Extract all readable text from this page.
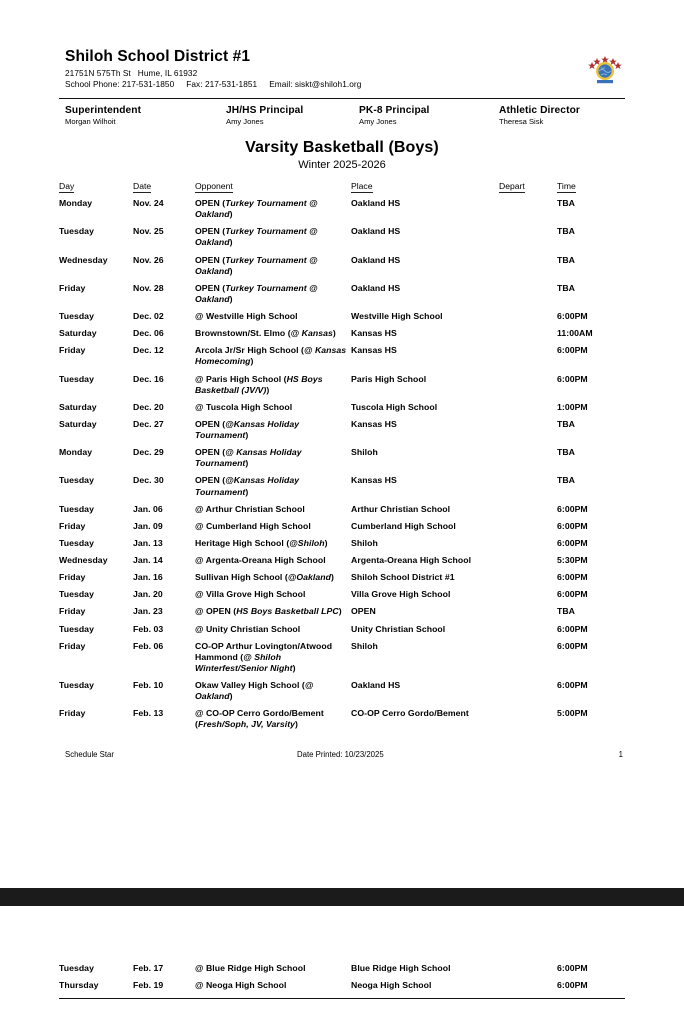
Shiloh School District #1
21751N 575Th St Hume, IL 61932
School Phone: 217-531-1850 Fax: 217-531-1851 Email: siskt@shiloh1.org
Superintendent
Morgan Wilhoit
JH/HS Principal
Amy Jones
PK-8 Principal
Amy Jones
Athletic Director
Theresa Sisk
Varsity Basketball (Boys)
Winter 2025-2026
Day	Date	Opponent	Place	Depart	Time
Monday	Nov. 24	OPEN (Turkey Tournament @ Oakland)	Oakland HS		TBA
Tuesday	Nov. 25	OPEN (Turkey Tournament @ Oakland)	Oakland HS		TBA
Wednesday	Nov. 26	OPEN (Turkey Tournament @ Oakland)	Oakland HS		TBA
Friday	Nov. 28	OPEN (Turkey Tournament @ Oakland)	Oakland HS		TBA
Tuesday	Dec. 02	@ Westville High School	Westville High School		6:00PM
Saturday	Dec. 06	Brownstown/St. Elmo (@ Kansas)	Kansas HS		11:00AM
Friday	Dec. 12	Arcola Jr/Sr High School (@ Kansas Homecoming)	Kansas HS		6:00PM
Tuesday	Dec. 16	@ Paris High School (HS Boys Basketball (JV/V))	Paris High School		6:00PM
Saturday	Dec. 20	@ Tuscola High School	Tuscola High School		1:00PM
Saturday	Dec. 27	OPEN (@Kansas Holiday Tournament)	Kansas HS		TBA
Monday	Dec. 29	OPEN (@ Kansas Holiday Tournament)	Shiloh		TBA
Tuesday	Dec. 30	OPEN (@Kansas Holiday Tournament)	Kansas HS		TBA
Tuesday	Jan. 06	@ Arthur Christian School	Arthur Christian School		6:00PM
Friday	Jan. 09	@ Cumberland High School	Cumberland High School		6:00PM
Tuesday	Jan. 13	Heritage High School (@Shiloh)	Shiloh		6:00PM
Wednesday	Jan. 14	@ Argenta-Oreana High School	Argenta-Oreana High School		5:30PM
Friday	Jan. 16	Sullivan High School (@Oakland)	Shiloh School District #1		6:00PM
Tuesday	Jan. 20	@ Villa Grove High School	Villa Grove High School		6:00PM
Friday	Jan. 23	@ OPEN (HS Boys Basketball LPC)	OPEN		TBA
Tuesday	Feb. 03	@ Unity Christian School	Unity Christian School		6:00PM
Friday	Feb. 06	CO-OP Arthur Lovington/Atwood Hammond (@ Shiloh Winterfest/Senior Night)	Shiloh		6:00PM
Tuesday	Feb. 10	Okaw Valley High School (@ Oakland)	Oakland HS		6:00PM
Friday	Feb. 13	@ CO-OP Cerro Gordo/Bement (Fresh/Soph, JV, Varsity)	CO-OP Cerro Gordo/Bement		5:00PM
Schedule Star	Date Printed: 10/23/2025	1
Tuesday	Feb. 17	@ Blue Ridge High School	Blue Ridge High School		6:00PM
Thursday	Feb. 19	@ Neoga High School	Neoga High School		6:00PM
